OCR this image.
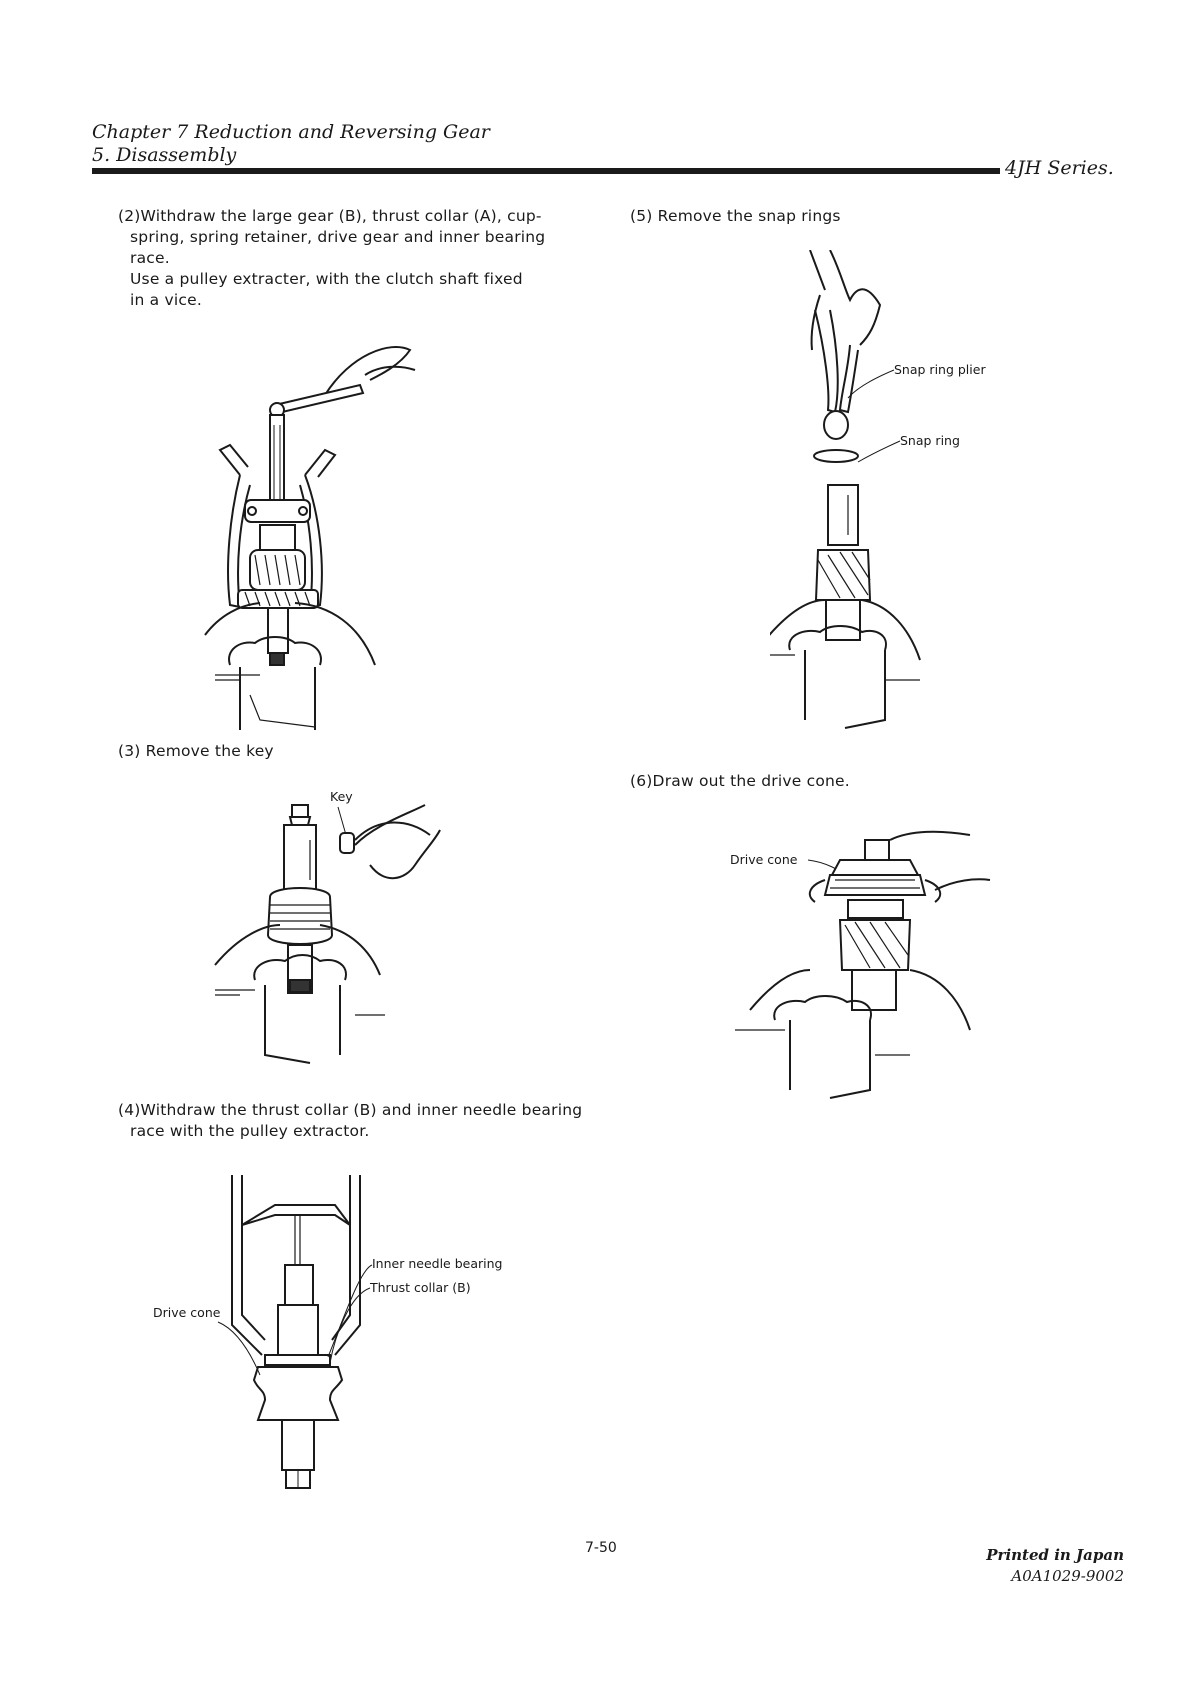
Chapter 7 Reduction and Reversing Gear
5. Disassembly
4JH Series.

(2)Withdraw the large gear (B), thrust collar (A), cup-

spring, spring retainer, drive gear and inner bearing

race.

Use a pulley extracter, with the clutch shaft fixed

in a vice.

(3) Remove the key
Key

(4)Withdraw the thrust collar (B) and inner needle bearing

race with the pulley extractor.

Inner needle bearing
Thrust collar (B)
Drive cone
(5) Remove the snap rings
Snap ring plier
Snap ring
(6)Draw out the drive cone.
Drive cone
7-50	Printed in Japan
A0A1029-9002
